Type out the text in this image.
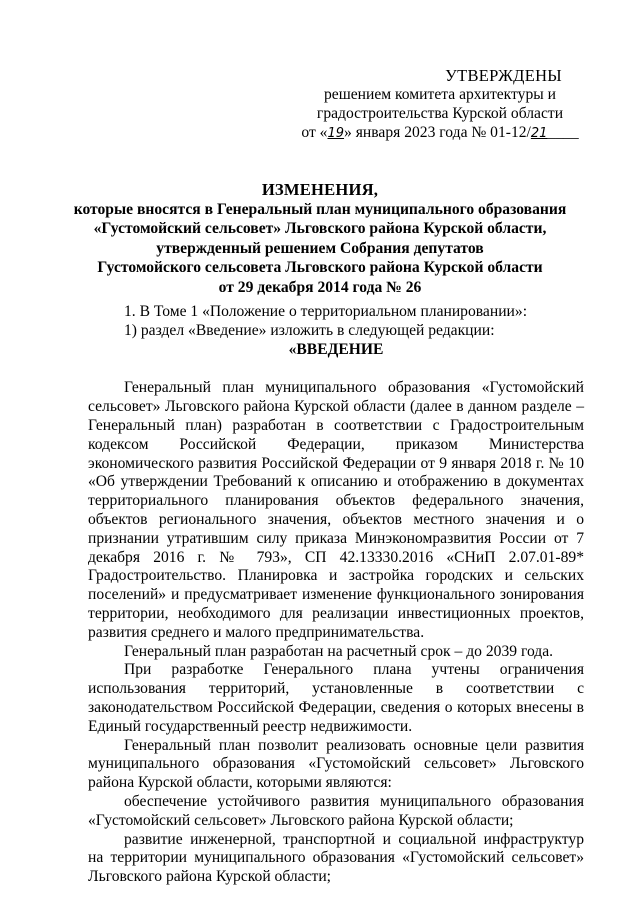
УТВЕРЖДЕНЫ
решением комитета архитектуры и
градостроительства Курской области
от «19» января 2023 года № 01-12/21____
ИЗМЕНЕНИЯ,
которые вносятся в Генеральный план муниципального образования
«Густомойский сельсовет» Льговского района Курской области,
утвержденный решением Собрания депутатов
Густомойского сельсовета Льговского района Курской области
от 29 декабря 2014 года № 26

1. В Томе 1 «Положение о территориальном планировании»:

1) раздел «Введение» изложить в следующей редакции:

«ВВЕДЕНИЕ

Генеральный план муниципального образования «Густомойский сельсовет» Льговского района Курской области (далее в данном разделе – Генеральный план) разработан в соответствии с Градостроительным кодексом Российской Федерации, приказом Министерства экономического развития Российской Федерации от 9 января 2018 г. № 10 «Об утверждении Требований к описанию и отображению в документах территориального планирования объектов федерального значения, объектов регионального значения, объектов местного значения и о признании утратившим силу приказа Минэкономразвития России от 7 декабря 2016 г. № 793», СП 42.13330.2016 «СНиП 2.07.01-89* Градостроительство. Планировка и застройка городских и сельских поселений» и предусматривает изменение функционального зонирования территории, необходимого для реализации инвестиционных проектов, развития среднего и малого предпринимательства.

Генеральный план разработан на расчетный срок – до 2039 года.

При разработке Генерального плана учтены ограничения использования территорий, установленные в соответствии с законодательством Российской Федерации, сведения о которых внесены в Единый государственный реестр недвижимости.

Генеральный план позволит реализовать основные цели развития муниципального образования «Густомойский сельсовет» Льговского района Курской области, которыми являются:

обеспечение устойчивого развития муниципального образования «Густомойский сельсовет» Льговского района Курской области;

развитие инженерной, транспортной и социальной инфраструктур на территории муниципального образования «Густомойский сельсовет» Льговского района Курской области;
